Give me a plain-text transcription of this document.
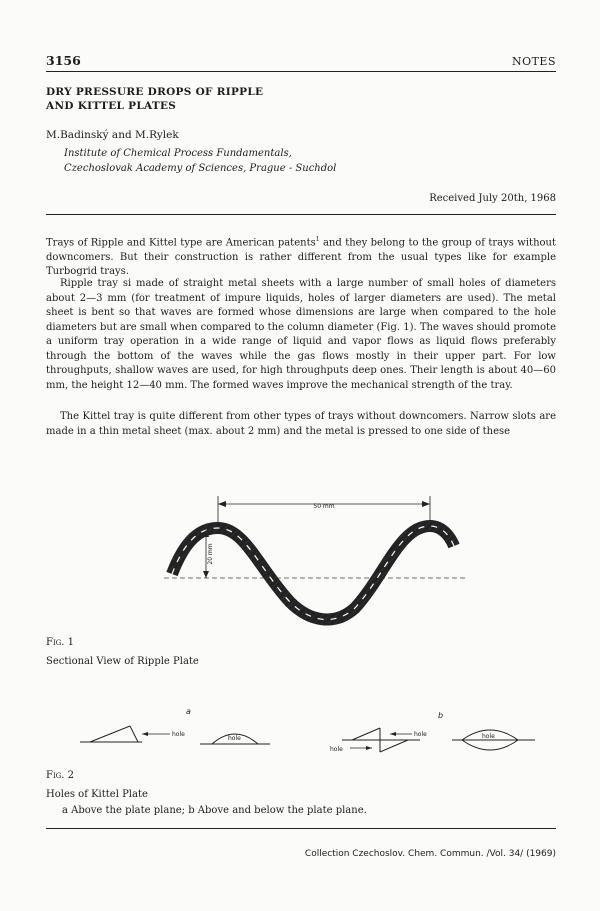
3156	NOTES
DRY PRESSURE DROPS OF RIPPLE
AND KITTEL PLATES
M.Badinský and M.Rylek
Institute of Chemical Process Fundamentals,
Czechoslovak Academy of Sciences, Prague - Suchdol
Received July 20th, 1968

Trays of Ripple and Kittel type are American patents$^1$ and they belong to the group of trays without downcomers. But their construction is rather different from the usual types like for example Turbogrid trays.

Ripple tray si made of straight metal sheets with a large number of small holes of diameters about 2—3 mm (for treatment of impure liquids, holes of larger diameters are used). The metal sheet is bent so that waves are formed whose dimensions are large when compared to the hole diameters but are small when compared to the column diameter (Fig. 1). The waves should promote a uniform tray operation in a wide range of liquid and vapor flows as liquid flows preferably through the bottom of the waves while the gas flows mostly in their upper part. For low throughputs, shallow waves are used, for high throughputs deep ones. Their length is about 40—60 mm, the height 12—40 mm. The formed waves improve the mechanical strength of the tray.

The Kittel tray is quite different from other types of trays without downcomers. Narrow slots are made in a thin metal sheet (max. about 2 mm) and the metal is pressed to one side of these

50 mm
20 mm
Fig. 1
Sectional View of Ripple Plate
a	b
hole
hole
hole
hole
hole
Fig. 2
Holes of Kittel Plate
a Above the plate plane; b Above and below the plate plane.
Collection Czechoslov. Chem. Commun. /Vol. 34/ (1969)
